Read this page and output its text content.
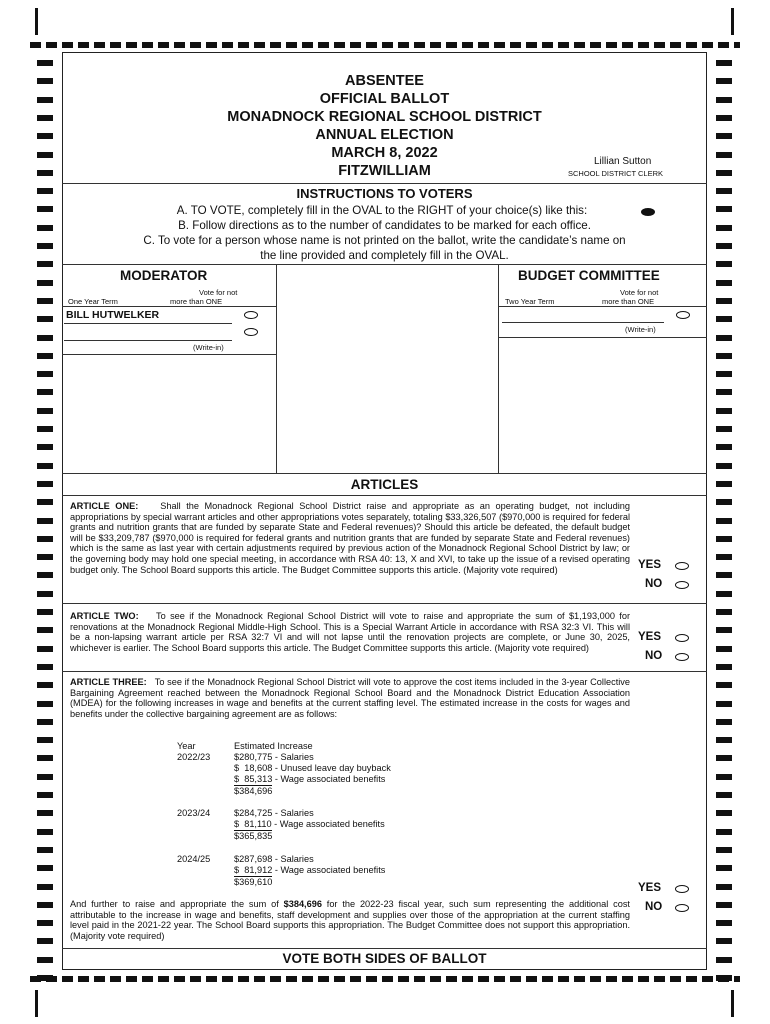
ABSENTEE
OFFICIAL BALLOT
MONADNOCK REGIONAL SCHOOL DISTRICT
ANNUAL ELECTION
MARCH 8, 2022
FITZWILLIAM
Lillian Sutton
SCHOOL DISTRICT CLERK
INSTRUCTIONS TO VOTERS
A. TO VOTE, completely fill in the OVAL to the RIGHT of your choice(s) like this:
B. Follow directions as to the number of candidates to be marked for each office.
C. To vote for a person whose name is not printed on the ballot, write the candidate’s name on
the line provided and completely fill in the OVAL.
MODERATOR
Vote for not
One Year Term	more than ONE
BILL HUTWELKER
(Write-in)
BUDGET COMMITTEE
Vote for not
Two Year Term	more than ONE
(Write-in)
ARTICLES
ARTICLE ONE: Shall the Monadnock Regional School District raise and appropriate as an operating budget, not including appropriations by special warrant articles and other appropriations votes separately, totaling $33,326,507 ($970,000 is required for federal grants and nutrition grants that are funded by separate State and Federal revenues)? Should this article be defeated, the default budget will be $33,209,787 ($970,000 is required for federal grants and nutrition grants that are funded by separate State and Federal revenues) which is the same as last year with certain adjustments required by previous action of the Monadnock Regional School District by law; or the governing body may hold one special meeting, in accordance with RSA 40: 13, X and XVI, to take up the issue of a revised operating budget only. The School Board supports this article. The Budget Committee supports this article. (Majority vote required)	YES
NO
ARTICLE TWO: To see if the Monadnock Regional School District will vote to raise and appropriate the sum of $1,193,000 for renovations at the Monadnock Regional Middle-High School. This is a Special Warrant Article in accordance with RSA 32:3 VI. This will be a non-lapsing warrant article per RSA 32:7 VI and will not lapse until the renovation projects are complete, or June 30, 2025, whichever is earlier. The School Board supports this article. The Budget Committee supports this article. (Majority vote required)
YES
NO
ARTICLE THREE: To see if the Monadnock Regional School District will vote to approve the cost items included in the 3-year Collective Bargaining Agreement reached between the Monadnock Regional School Board and the Monadnock District Education Association (MDEA) for the following increases in wage and benefits at the current staffing level. The estimated increase in the costs for wages and benefits under the collective bargaining agreement are as follows:
Year	Estimated Increase
2022/23	$280,775 - Salaries
$  18,608 - Unused leave day buyback
$  85,313 - Wage associated benefits
$384,696
2023/24	$284,725 - Salaries
$  81,110 - Wage associated benefits
$365,835
2024/25	$287,698 - Salaries
$  81,912 - Wage associated benefits
$369,610	YES
NO
And further to raise and appropriate the sum of $384,696 for the 2022-23 fiscal year, such sum representing the additional cost attributable to the increase in wage and benefits, staff development and supplies over those of the appropriation at the current staffing level paid in the 2021-22 year. The School Board supports this appropriation. The Budget Committee does not support this appropriation. (Majority vote required)
VOTE BOTH SIDES OF BALLOT
